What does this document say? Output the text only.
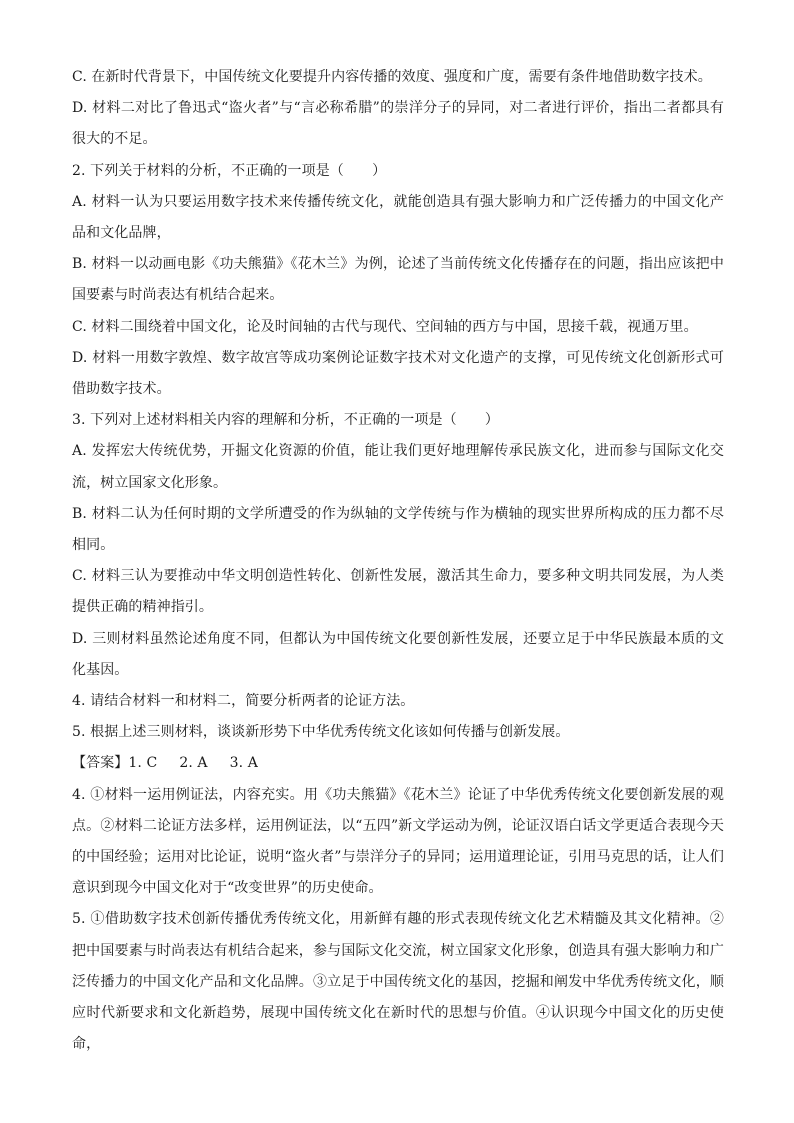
C. 在新时代背景下，中国传统文化要提升内容传播的效度、强度和广度，需要有条件地借助数字技术。

D. 材料二对比了鲁迅式“盗火者”与“言必称希腊”的崇洋分子的异同，对二者进行评价，指出二者都具有很大的不足。

2. 下列关于材料的分析，不正确的一项是（　　）

A. 材料一认为只要运用数字技术来传播传统文化，就能创造具有强大影响力和广泛传播力的中国文化产品和文化品牌，

B. 材料一以动画电影《功夫熊猫》《花木兰》为例，论述了当前传统文化传播存在的问题，指出应该把中国要素与时尚表达有机结合起来。

C. 材料二围绕着中国文化，论及时间轴的古代与现代、空间轴的西方与中国，思接千载，视通万里。

D. 材料一用数字敦煌、数字故宫等成功案例论证数字技术对文化遗产的支撑，可见传统文化创新形式可借助数字技术。

3. 下列对上述材料相关内容的理解和分析，不正确的一项是（　　）

A. 发挥宏大传统优势，开掘文化资源的价值，能让我们更好地理解传承民族文化，进而参与国际文化交流，树立国家文化形象。

B. 材料二认为任何时期的文学所遭受的作为纵轴的文学传统与作为横轴的现实世界所构成的压力都不尽相同。

C. 材料三认为要推动中华文明创造性转化、创新性发展，激活其生命力，要多种文明共同发展，为人类提供正确的精神指引。

D. 三则材料虽然论述角度不同，但都认为中国传统文化要创新性发展，还要立足于中华民族最本质的文化基因。

4. 请结合材料一和材料二，简要分析两者的论证方法。

5. 根据上述三则材料，谈谈新形势下中华优秀传统文化该如何传播与创新发展。

【答案】1. C 2. A 3. A

4. ①材料一运用例证法，内容充实。用《功夫熊猫》《花木兰》论证了中华优秀传统文化要创新发展的观点。②材料二论证方法多样，运用例证法，以“五四”新文学运动为例，论证汉语白话文学更适合表现今天的中国经验；运用对比论证，说明“盗火者”与崇洋分子的异同；运用道理论证，引用马克思的话，让人们意识到现今中国文化对于“改变世界”的历史使命。

5. ①借助数字技术创新传播优秀传统文化，用新鲜有趣的形式表现传统文化艺术精髓及其文化精神。②把中国要素与时尚表达有机结合起来，参与国际文化交流，树立国家文化形象，创造具有强大影响力和广泛传播力的中国文化产品和文化品牌。③立足于中国传统文化的基因，挖掘和阐发中华优秀传统文化，顺应时代新要求和文化新趋势，展现中国传统文化在新时代的思想与价值。④认识现今中国文化的历史使命，
